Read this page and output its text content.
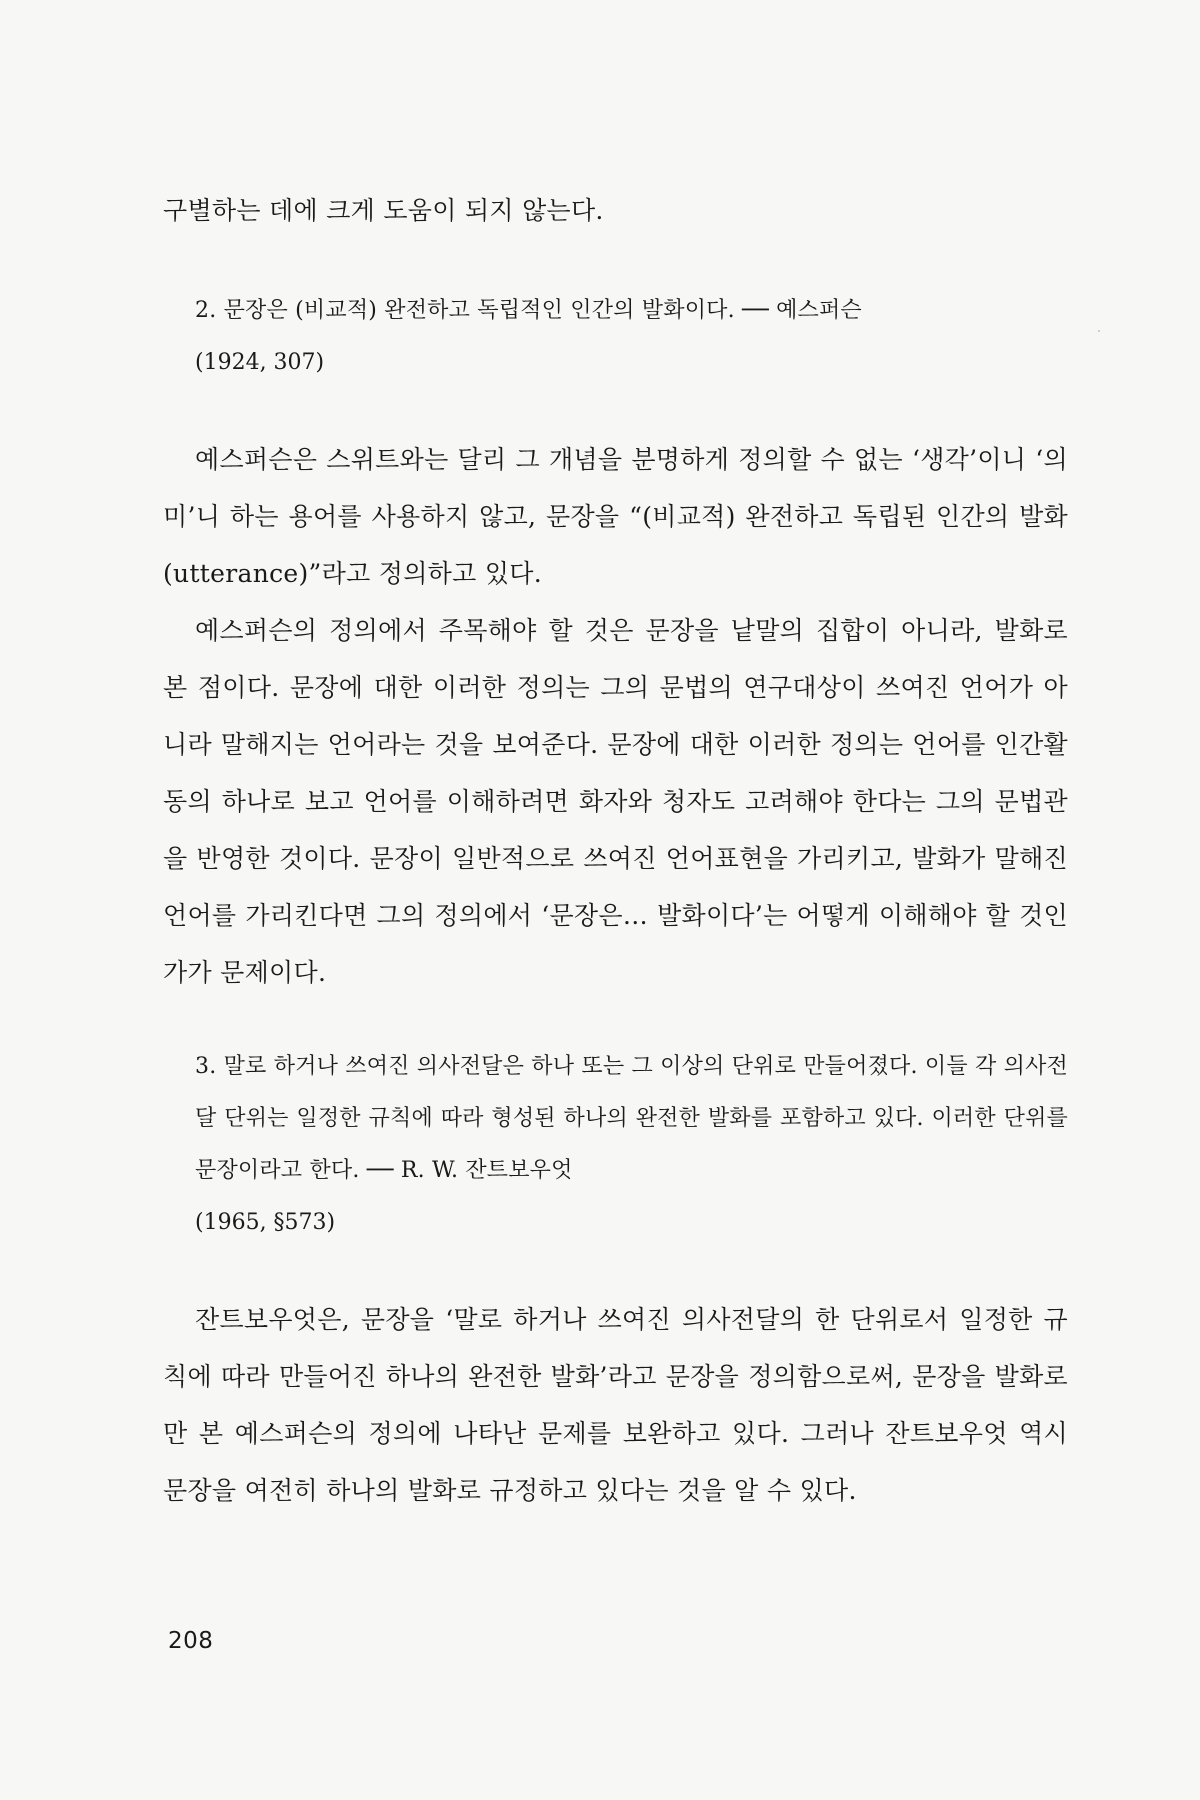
구별하는 데에 크게 도움이 되지 않는다.

2. 문장은 (비교적) 완전하고 독립적인 인간의 발화이다. ── 예스퍼슨

(1924, 307)

예스퍼슨은 스위트와는 달리 그 개념을 분명하게 정의할 수 없는 ‘생각’이니 ‘의미’니 하는 용어를 사용하지 않고, 문장을 “(비교적) 완전하고 독립된 인간의 발화(utterance)”라고 정의하고 있다.

예스퍼슨의 정의에서 주목해야 할 것은 문장을 낱말의 집합이 아니라, 발화로 본 점이다. 문장에 대한 이러한 정의는 그의 문법의 연구대상이 쓰여진 언어가 아니라 말해지는 언어라는 것을 보여준다. 문장에 대한 이러한 정의는 언어를 인간활동의 하나로 보고 언어를 이해하려면 화자와 청자도 고려해야 한다는 그의 문법관을 반영한 것이다. 문장이 일반적으로 쓰여진 언어표현을 가리키고, 발화가 말해진 언어를 가리킨다면 그의 정의에서 ‘문장은… 발화이다’는 어떻게 이해해야 할 것인가가 문제이다.

3. 말로 하거나 쓰여진 의사전달은 하나 또는 그 이상의 단위로 만들어졌다. 이들 각 의사전달 단위는 일정한 규칙에 따라 형성된 하나의 완전한 발화를 포함하고 있다. 이러한 단위를 문장이라고 한다. ── R. W. 잔트보우엇

(1965, §573)

잔트보우엇은, 문장을 ‘말로 하거나 쓰여진 의사전달의 한 단위로서 일정한 규칙에 따라 만들어진 하나의 완전한 발화’라고 문장을 정의함으로써, 문장을 발화로만 본 예스퍼슨의 정의에 나타난 문제를 보완하고 있다. 그러나 잔트보우엇 역시 문장을 여전히 하나의 발화로 규정하고 있다는 것을 알 수 있다.

208
